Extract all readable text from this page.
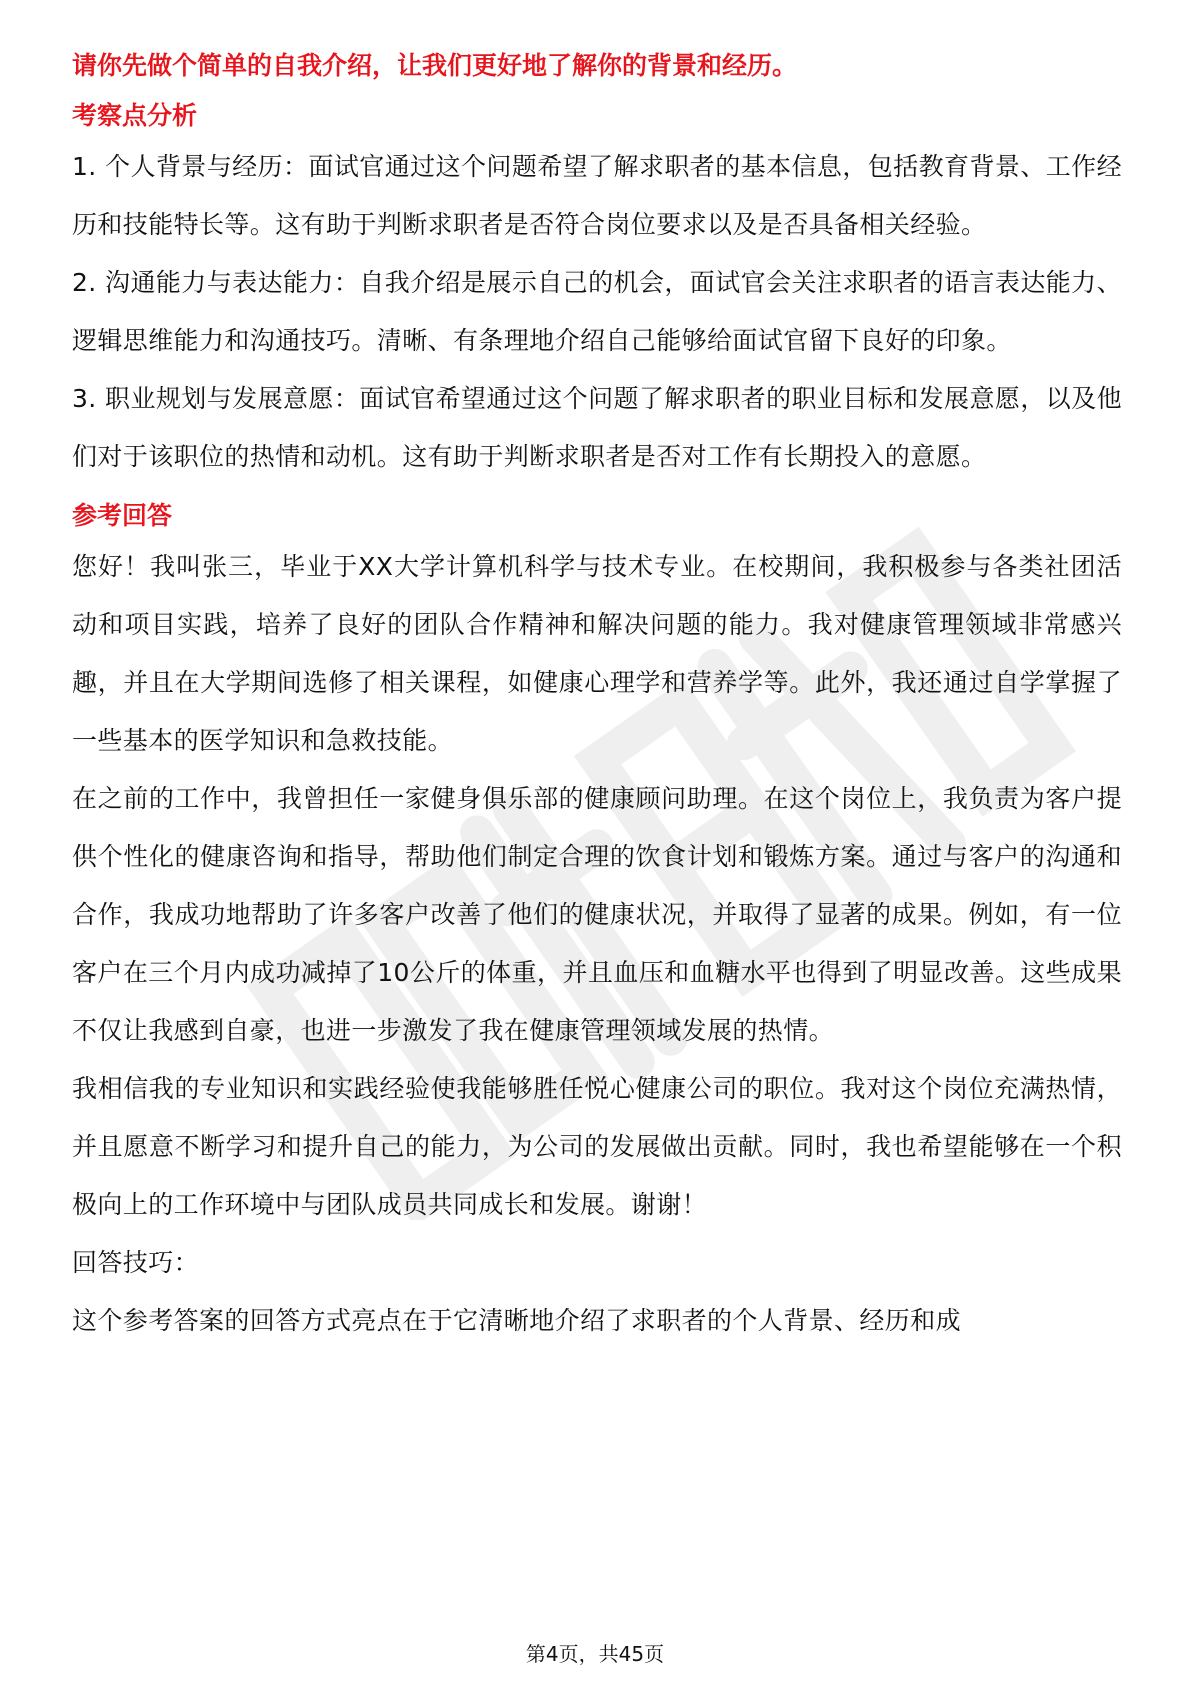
请你先做个简单的自我介绍，让我们更好地了解你的背景和经历。

考察点分析

1. 个人背景与经历：面试官通过这个问题希望了解求职者的基本信息，包括教育背景、工作经历和技能特长等。这有助于判断求职者是否符合岗位要求以及是否具备相关经验。

2. 沟通能力与表达能力：自我介绍是展示自己的机会，面试官会关注求职者的语言表达能力、逻辑思维能力和沟通技巧。清晰、有条理地介绍自己能够给面试官留下良好的印象。

3. 职业规划与发展意愿：面试官希望通过这个问题了解求职者的职业目标和发展意愿，以及他们对于该职位的热情和动机。这有助于判断求职者是否对工作有长期投入的意愿。

参考回答

您好！我叫张三，毕业于XX大学计算机科学与技术专业。在校期间，我积极参与各类社团活动和项目实践，培养了良好的团队合作精神和解决问题的能力。我对健康管理领域非常感兴趣，并且在大学期间选修了相关课程，如健康心理学和营养学等。此外，我还通过自学掌握了一些基本的医学知识和急救技能。

在之前的工作中，我曾担任一家健身俱乐部的健康顾问助理。在这个岗位上，我负责为客户提供个性化的健康咨询和指导，帮助他们制定合理的饮食计划和锻炼方案。通过与客户的沟通和合作，我成功地帮助了许多客户改善了他们的健康状况，并取得了显著的成果。例如，有一位客户在三个月内成功减掉了10公斤的体重，并且血压和血糖水平也得到了明显改善。这些成果不仅让我感到自豪，也进一步激发了我在健康管理领域发展的热情。

我相信我的专业知识和实践经验使我能够胜任悦心健康公司的职位。我对这个岗位充满热情，并且愿意不断学习和提升自己的能力，为公司的发展做出贡献。同时，我也希望能够在一个积极向上的工作环境中与团队成员共同成长和发展。谢谢！

回答技巧：

这个参考答案的回答方式亮点在于它清晰地介绍了求职者的个人背景、经历和成

第4页，共45页
